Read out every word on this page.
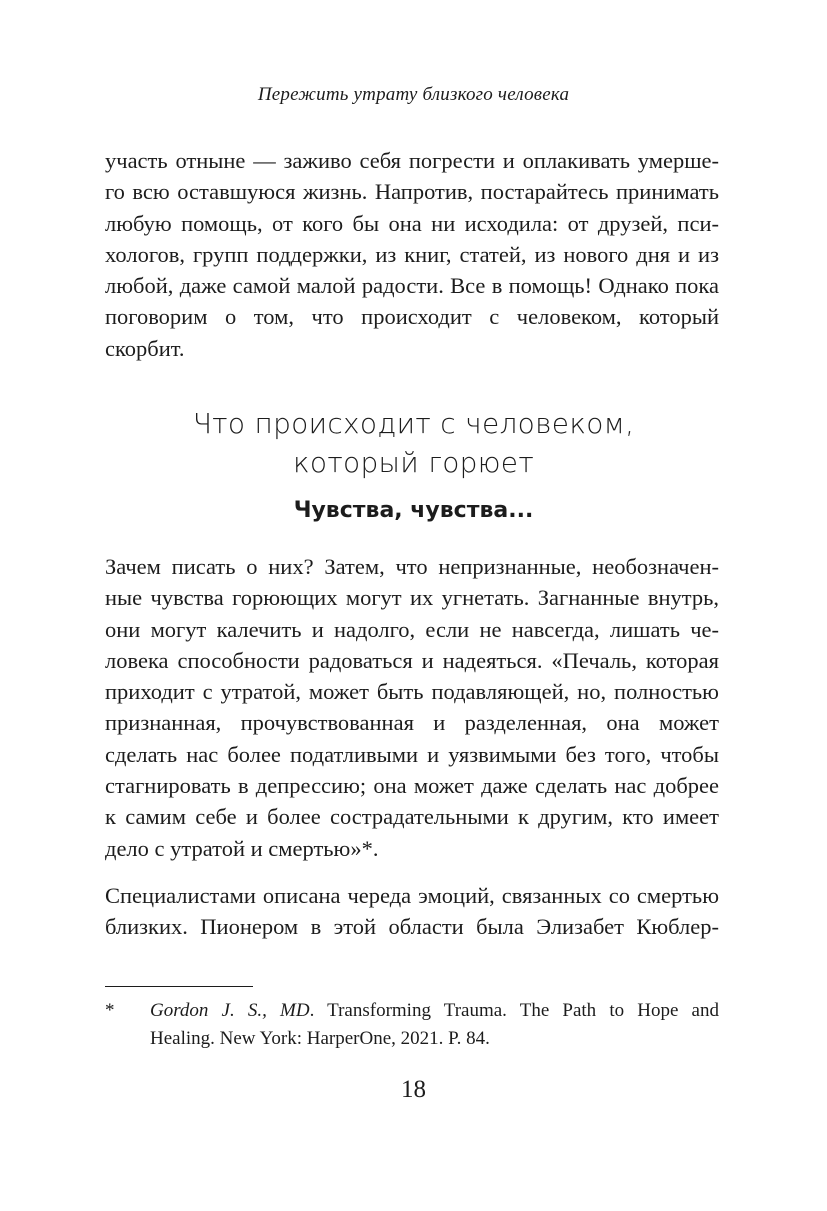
Пережить утрату близкого человека
участь отныне — заживо себя погрести и оплакивать умерше-
го всю оставшуюся жизнь. Напротив, постарайтесь принимать
любую помощь, от кого бы она ни исходила: от друзей, пси-
хологов, групп поддержки, из книг, статей, из нового дня и из
любой, даже самой малой радости. Все в помощь! Однако пока
поговорим о том, что происходит с человеком, который
скорбит.
Что происходит с человеком,
который горюет
Чувства, чувства...
Зачем писать о них? Затем, что непризнанные, необозначен-
ные чувства горюющих могут их угнетать. Загнанные внутрь,
они могут калечить и надолго, если не навсегда, лишать че-
ловека способности радоваться и надеяться. «Печаль, которая
приходит с утратой, может быть подавляющей, но, полностью
признанная, прочувствованная и разделенная, она может
сделать нас более податливыми и уязвимыми без того, чтобы
стагнировать в депрессию; она может даже сделать нас добрее
к самим себе и более сострадательными к другим, кто имеет
дело с утратой и смертью»*.
Специалистами описана череда эмоций, связанных со смертью
близких. Пионером в этой области была Элизабет Кюблер-
* Gordon J. S., MD. Transforming Trauma. The Path to Hope and
Healing. New York: HarperOne, 2021. P. 84.
18
